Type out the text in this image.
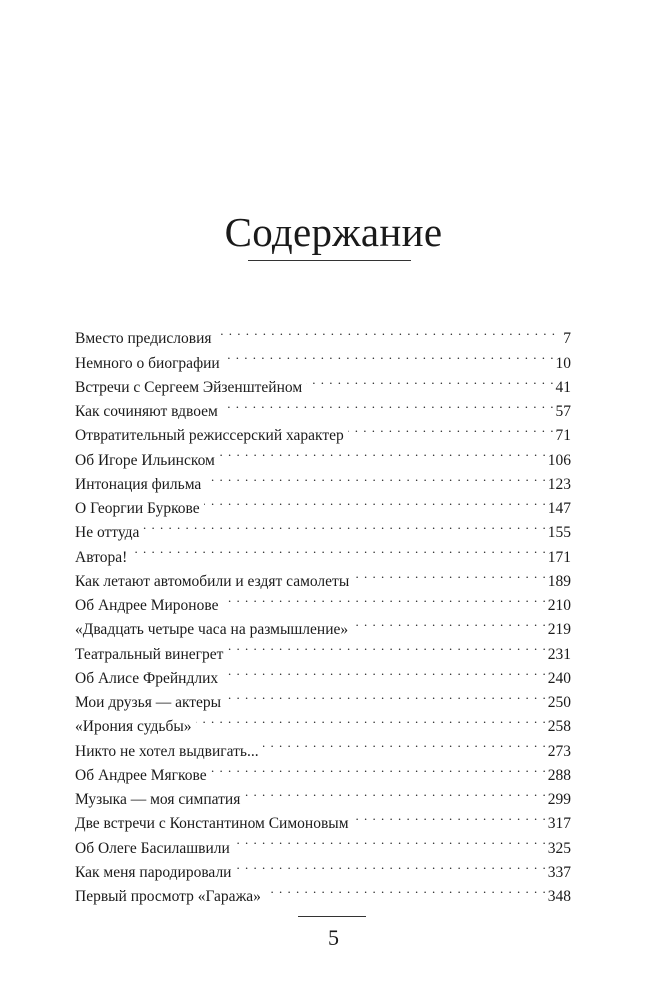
Содержание
Вместо предисловия . . .	7
Немного о биографии . . .	10
Встречи с Сергеем Эйзенштейном . . .	41
Как сочиняют вдвоем . . .	57
Отвратительный режиссерский характер . . .	71
Об Игоре Ильинском . . .	106
Интонация фильма . . .	123
О Георгии Буркове . . .	147
Не оттуда . . .	155
Автора! . . .	171
Как летают автомобили и ездят самолеты . . .	189
Об Андрее Миронове . . .	210
«Двадцать четыре часа на размышление» . . .	219
Театральный винегрет . . .	231
Об Алисе Фрейндлих . . .	240
Мои друзья — актеры . . .	250
«Ирония судьбы» . . .	258
Никто не хотел выдвигать... . . .	273
Об Андрее Мягкове . . .	288
Музыка — моя симпатия . . .	299
Две встречи с Константином Симоновым . . .	317
Об Олеге Басилашвили . . .	325
Как меня пародировали . . .	337
Первый просмотр «Гаража» . . .	348
5
